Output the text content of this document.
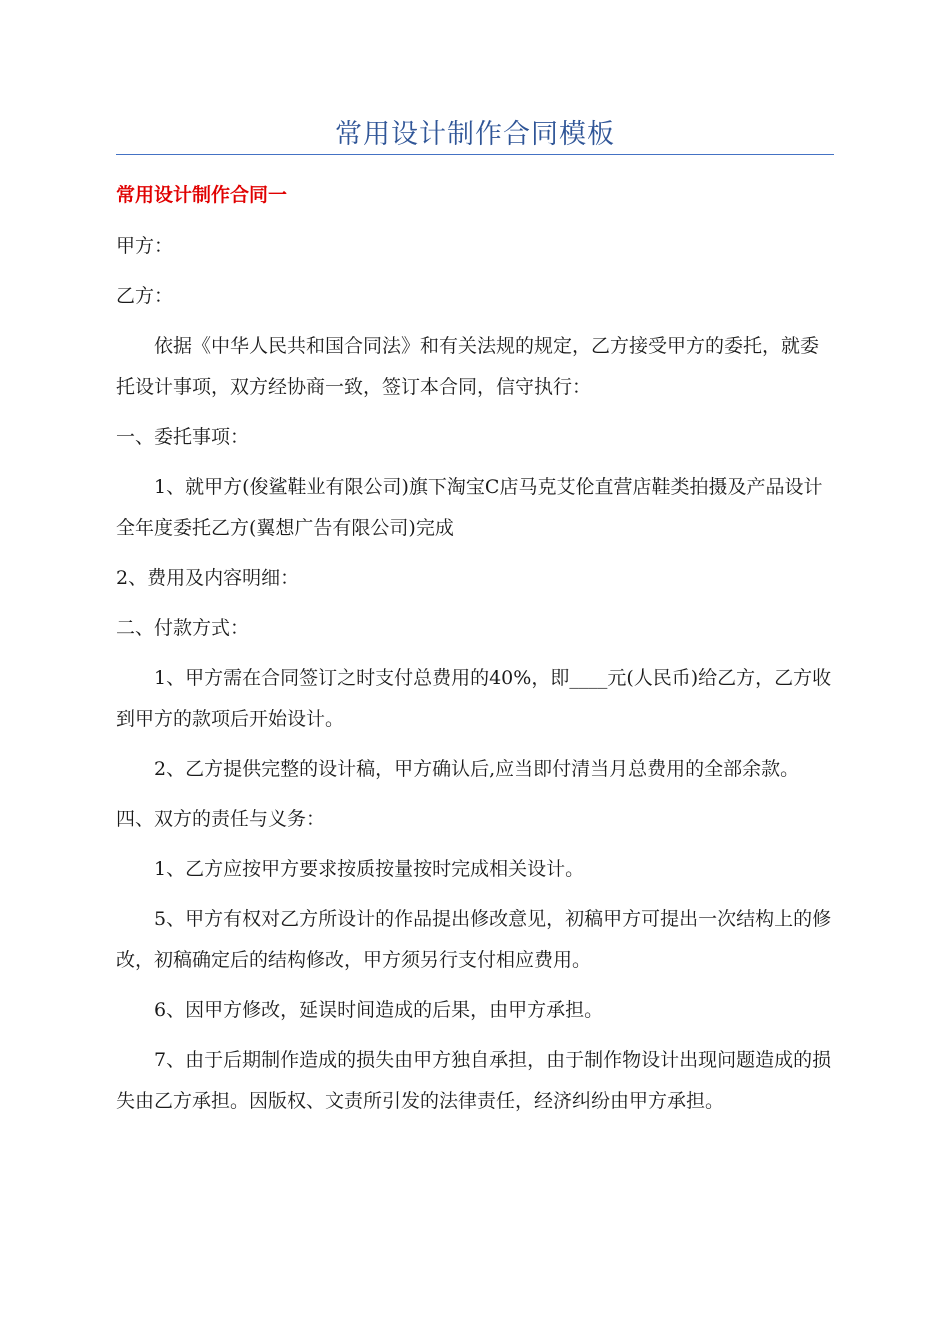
常用设计制作合同模板
常用设计制作合同一

甲方：

乙方：

依据《中华人民共和国合同法》和有关法规的规定，乙方接受甲方的委托，就委托设计事项，双方经协商一致，签订本合同，信守执行：

一、委托事项：

1、就甲方(俊鲨鞋业有限公司)旗下淘宝C店马克艾伦直营店鞋类拍摄及产品设计全年度委托乙方(翼想广告有限公司)完成

2、费用及内容明细：

二、付款方式：

1、甲方需在合同签订之时支付总费用的40%，即____元(人民币)给乙方，乙方收到甲方的款项后开始设计。

2、乙方提供完整的设计稿，甲方确认后,应当即付清当月总费用的全部余款。

四、双方的责任与义务：

1、乙方应按甲方要求按质按量按时完成相关设计。

5、甲方有权对乙方所设计的作品提出修改意见，初稿甲方可提出一次结构上的修改，初稿确定后的结构修改，甲方须另行支付相应费用。

6、因甲方修改，延误时间造成的后果，由甲方承担。

7、由于后期制作造成的损失由甲方独自承担，由于制作物设计出现问题造成的损失由乙方承担。因版权、文责所引发的法律责任，经济纠纷由甲方承担。
